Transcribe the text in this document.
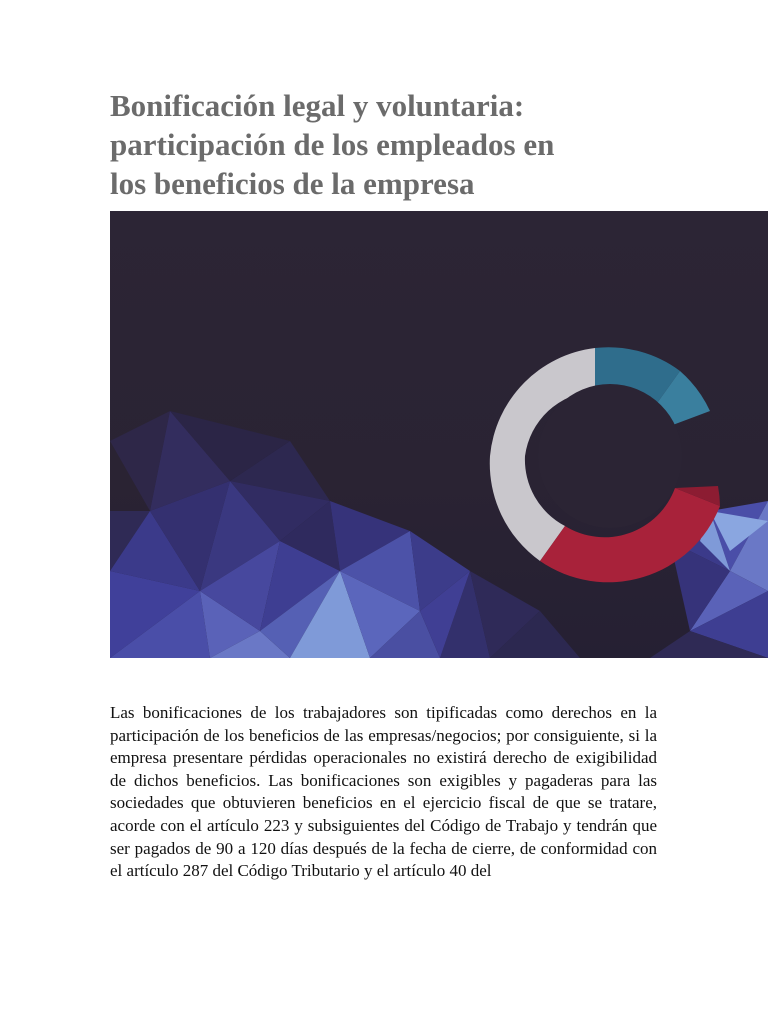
Bonificación legal y voluntaria:
participación de los empleados en
los beneficios de la empresa

Las bonificaciones de los trabajadores son tipificadas como derechos en la participación de los beneficios de las empresas/negocios; por consiguiente, si la empresa presentare pérdidas operacionales no existirá derecho de exigibilidad de dichos beneficios. Las bonificaciones son exigibles y pagaderas para las sociedades que obtuvieren beneficios en el ejercicio fiscal de que se tratare, acorde con el artículo 223 y subsiguientes del Código de Trabajo y tendrán que ser pagados de 90 a 120 días después de la fecha de cierre, de conformidad con el artículo 287 del Código Tributario y el artículo 40 del
